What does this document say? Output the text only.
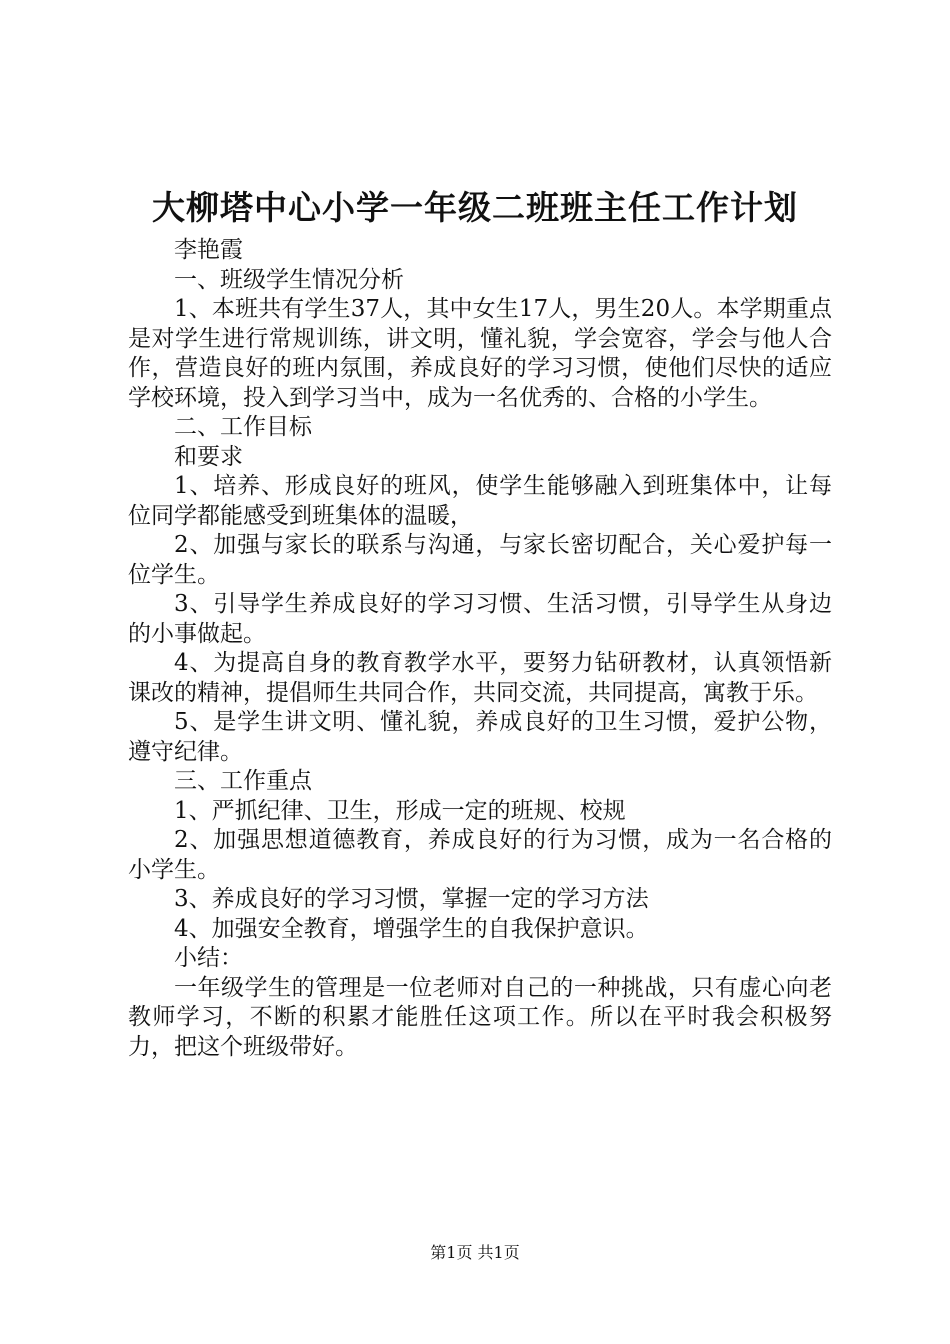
大柳塔中心小学一年级二班班主任工作计划

李艳霞

一、班级学生情况分析

1、本班共有学生37人，其中女生17人，男生20人。本学期重点是对学生进行常规训练，讲文明，懂礼貌，学会宽容，学会与他人合作，营造良好的班内氛围，养成良好的学习习惯，使他们尽快的适应学校环境，投入到学习当中，成为一名优秀的、合格的小学生。

二、工作目标

和要求

1、培养、形成良好的班风，使学生能够融入到班集体中，让每位同学都能感受到班集体的温暖，

2、加强与家长的联系与沟通，与家长密切配合，关心爱护每一位学生。

3、引导学生养成良好的学习习惯、生活习惯，引导学生从身边的小事做起。

4、为提高自身的教育教学水平，要努力钻研教材，认真领悟新课改的精神，提倡师生共同合作，共同交流，共同提高，寓教于乐。

5、是学生讲文明、懂礼貌，养成良好的卫生习惯，爱护公物，遵守纪律。

三、工作重点

1、严抓纪律、卫生，形成一定的班规、校规

2、加强思想道德教育，养成良好的行为习惯，成为一名合格的小学生。

3、养成良好的学习习惯，掌握一定的学习方法

4、加强安全教育，增强学生的自我保护意识。

小结：

一年级学生的管理是一位老师对自己的一种挑战，只有虚心向老教师学习，不断的积累才能胜任这项工作。所以在平时我会积极努力，把这个班级带好。

第1页 共1页
